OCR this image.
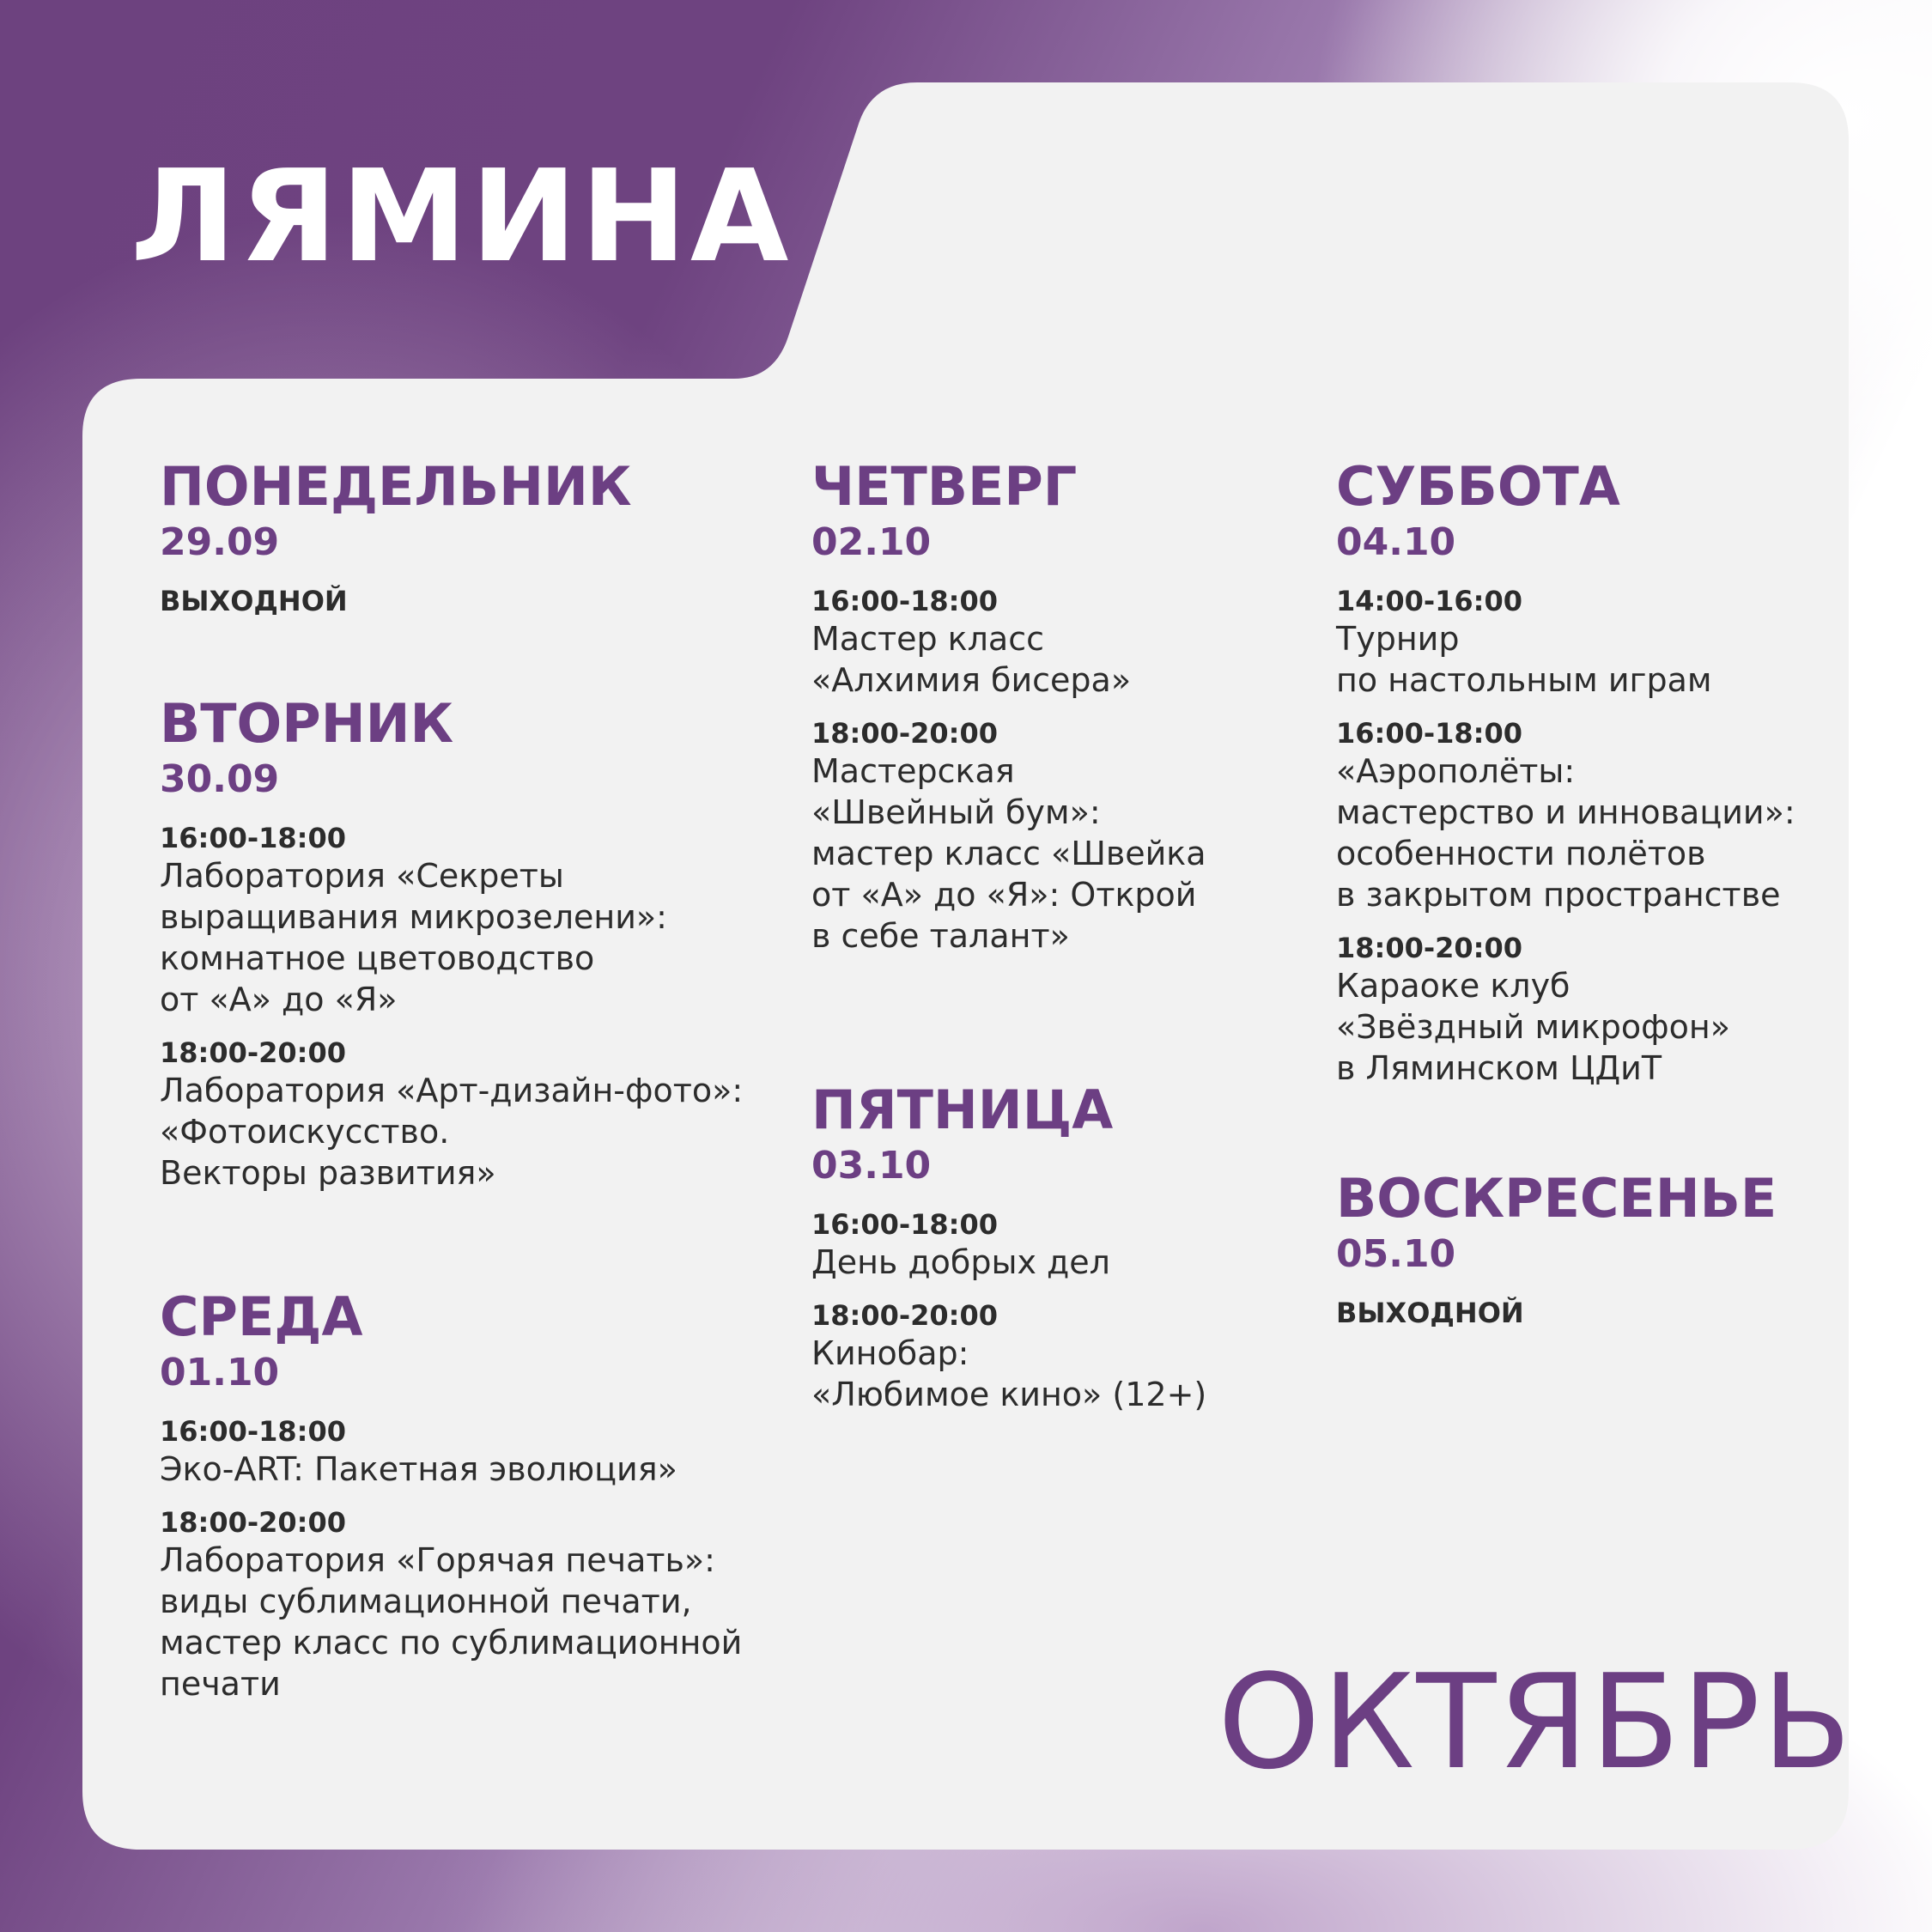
ЛЯМИНА
ПОНЕДЕЛЬНИК
29.09
ВЫХОДНОЙ
ВТОРНИК
30.09
16:00-18:00
Лаборатория «Секреты
выращивания микрозелени»:
комнатное цветоводство
от «А» до «Я»
18:00-20:00
Лаборатория «Арт-дизайн-фото»:
«Фотоискусство.
Векторы развития»
СРЕДА
01.10
16:00-18:00
Эко-ART: Пакетная эволюция»
18:00-20:00
Лаборатория «Горячая печать»:
виды сублимационной печати,
мастер класс по сублимационной
печати
ЧЕТВЕРГ
02.10
16:00-18:00
Мастер класс
«Алхимия бисера»
18:00-20:00
Мастерская
«Швейный бум»:
мастер класс «Швейка
от «А» до «Я»: Открой
в себе талант»
ПЯТНИЦА
03.10
16:00-18:00
День добрых дел
18:00-20:00
Кинобар:
«Любимое кино» (12+)
СУББОТА
04.10
14:00-16:00
Турнир
по настольным играм
16:00-18:00
«Аэрополёты:
мастерство и инновации»:
особенности полётов
в закрытом пространстве
18:00-20:00
Караоке клуб
«Звёздный микрофон»
в Ляминском ЦДиТ
ВОСКРЕСЕНЬЕ
05.10
ВЫХОДНОЙ
ОКТЯБРЬ
